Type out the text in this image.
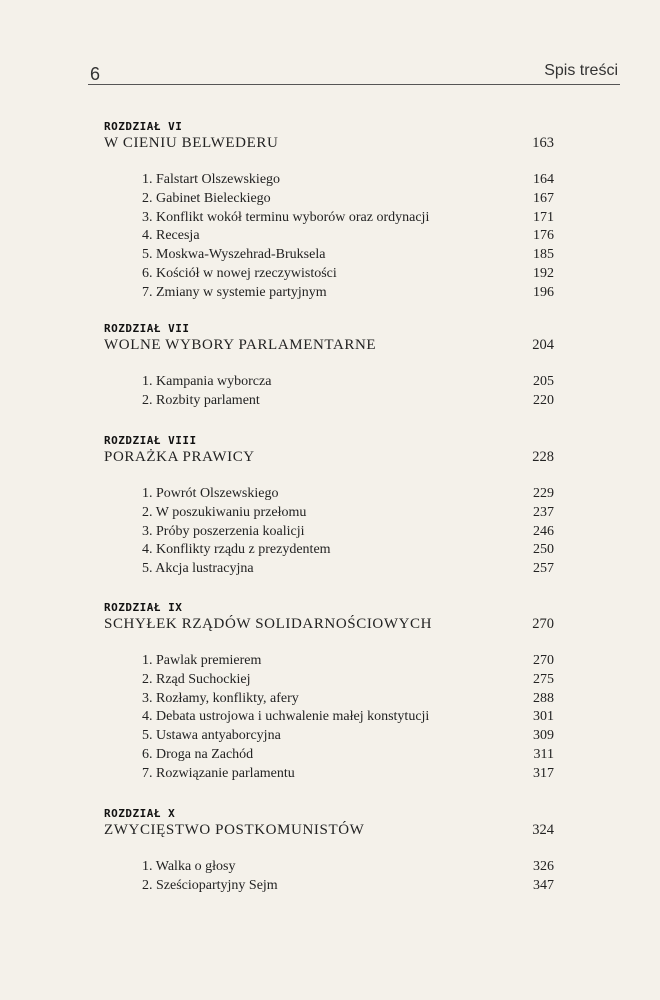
6	Spis treści
ROZDZIAŁ VI
W CIENIU BELWEDERU	163
1. Falstart Olszewskiego	164
2. Gabinet Bieleckiego	167
3. Konflikt wokół terminu wyborów oraz ordynacji	171
4. Recesja	176
5. Moskwa-Wyszehrad-Bruksela	185
6. Kościół w nowej rzeczywistości	192
7. Zmiany w systemie partyjnym	196
ROZDZIAŁ VII
WOLNE WYBORY PARLAMENTARNE	204
1. Kampania wyborcza	205
2. Rozbity parlament	220
ROZDZIAŁ VIII
PORAŻKA PRAWICY	228
1. Powrót Olszewskiego	229
2. W poszukiwaniu przełomu	237
3. Próby poszerzenia koalicji	246
4. Konflikty rządu z prezydentem	250
5. Akcja lustracyjna	257
ROZDZIAŁ IX
SCHYŁEK RZĄDÓW SOLIDARNOŚCIOWYCH	270
1. Pawlak premierem	270
2. Rząd Suchockiej	275
3. Rozłamy, konflikty, afery	288
4. Debata ustrojowa i uchwalenie małej konstytucji	301
5. Ustawa antyaborcyjna	309
6. Droga na Zachód	311
7. Rozwiązanie parlamentu	317
ROZDZIAŁ X
ZWYCIĘSTWO POSTKOMUNISTÓW	324
1. Walka o głosy	326
2. Sześciopartyjny Sejm	347
